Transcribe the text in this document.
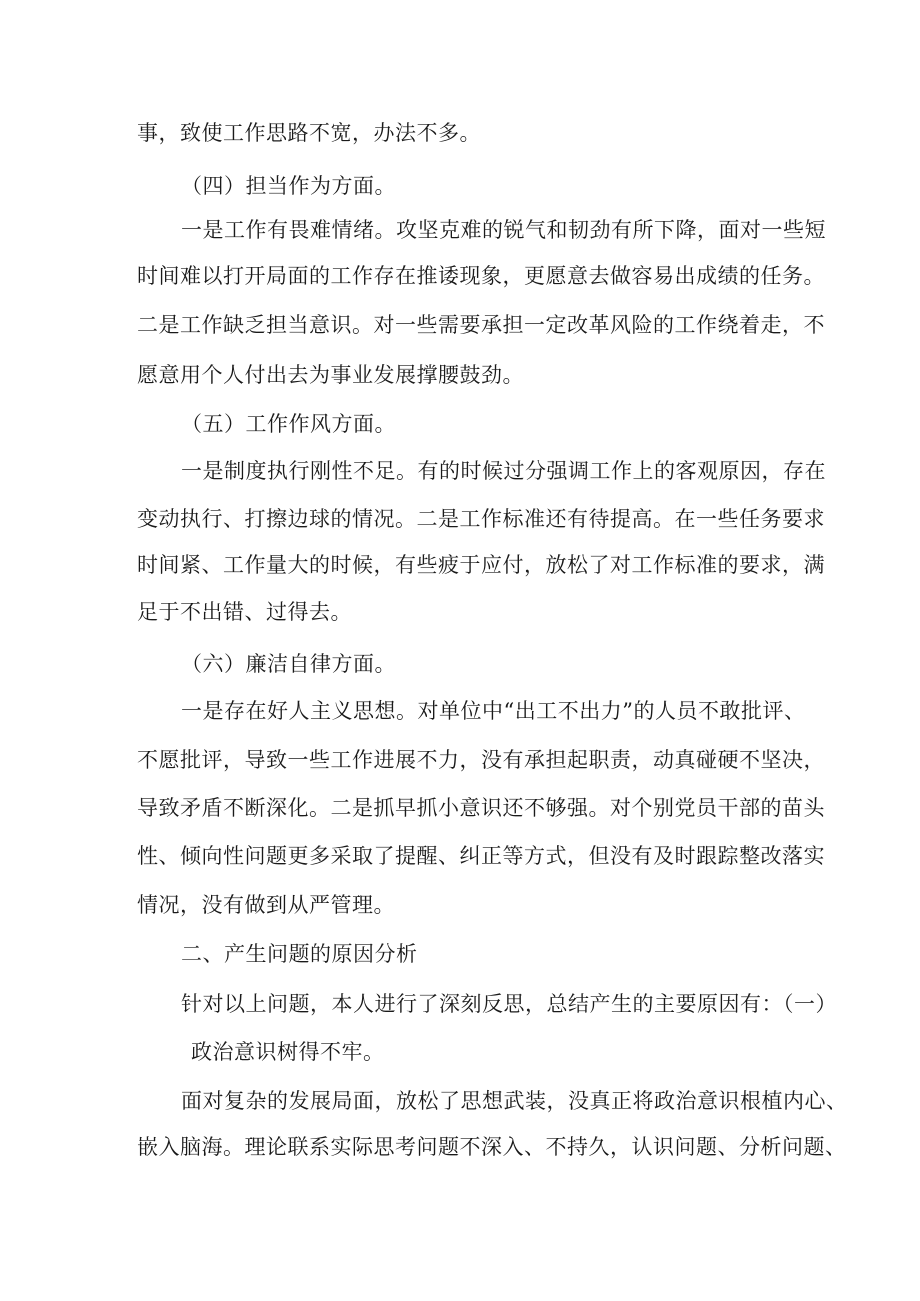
事，致使工作思路不宽，办法不多。
（四）担当作为方面。
一是工作有畏难情绪。攻坚克难的锐气和韧劲有所下降，面对一些短
时间难以打开局面的工作存在推诿现象，更愿意去做容易出成绩的任务。
二是工作缺乏担当意识。对一些需要承担一定改革风险的工作绕着走，不
愿意用个人付出去为事业发展撑腰鼓劲。
（五）工作作风方面。
一是制度执行刚性不足。有的时候过分强调工作上的客观原因，存在
变动执行、打擦边球的情况。二是工作标准还有待提高。在一些任务要求
时间紧、工作量大的时候，有些疲于应付，放松了对工作标准的要求，满
足于不出错、过得去。
（六）廉洁自律方面。
一是存在好人主义思想。对单位中“出工不出力”的人员不敢批评、
不愿批评，导致一些工作进展不力，没有承担起职责，动真碰硬不坚决，
导致矛盾不断深化。二是抓早抓小意识还不够强。对个别党员干部的苗头
性、倾向性问题更多采取了提醒、纠正等方式，但没有及时跟踪整改落实
情况，没有做到从严管理。
二、产生问题的原因分析
针对以上问题，本人进行了深刻反思，总结产生的主要原因有：（一）
政治意识树得不牢。
面对复杂的发展局面，放松了思想武装，没真正将政治意识根植内心、
嵌入脑海。理论联系实际思考问题不深入、不持久，认识问题、分析问题、
